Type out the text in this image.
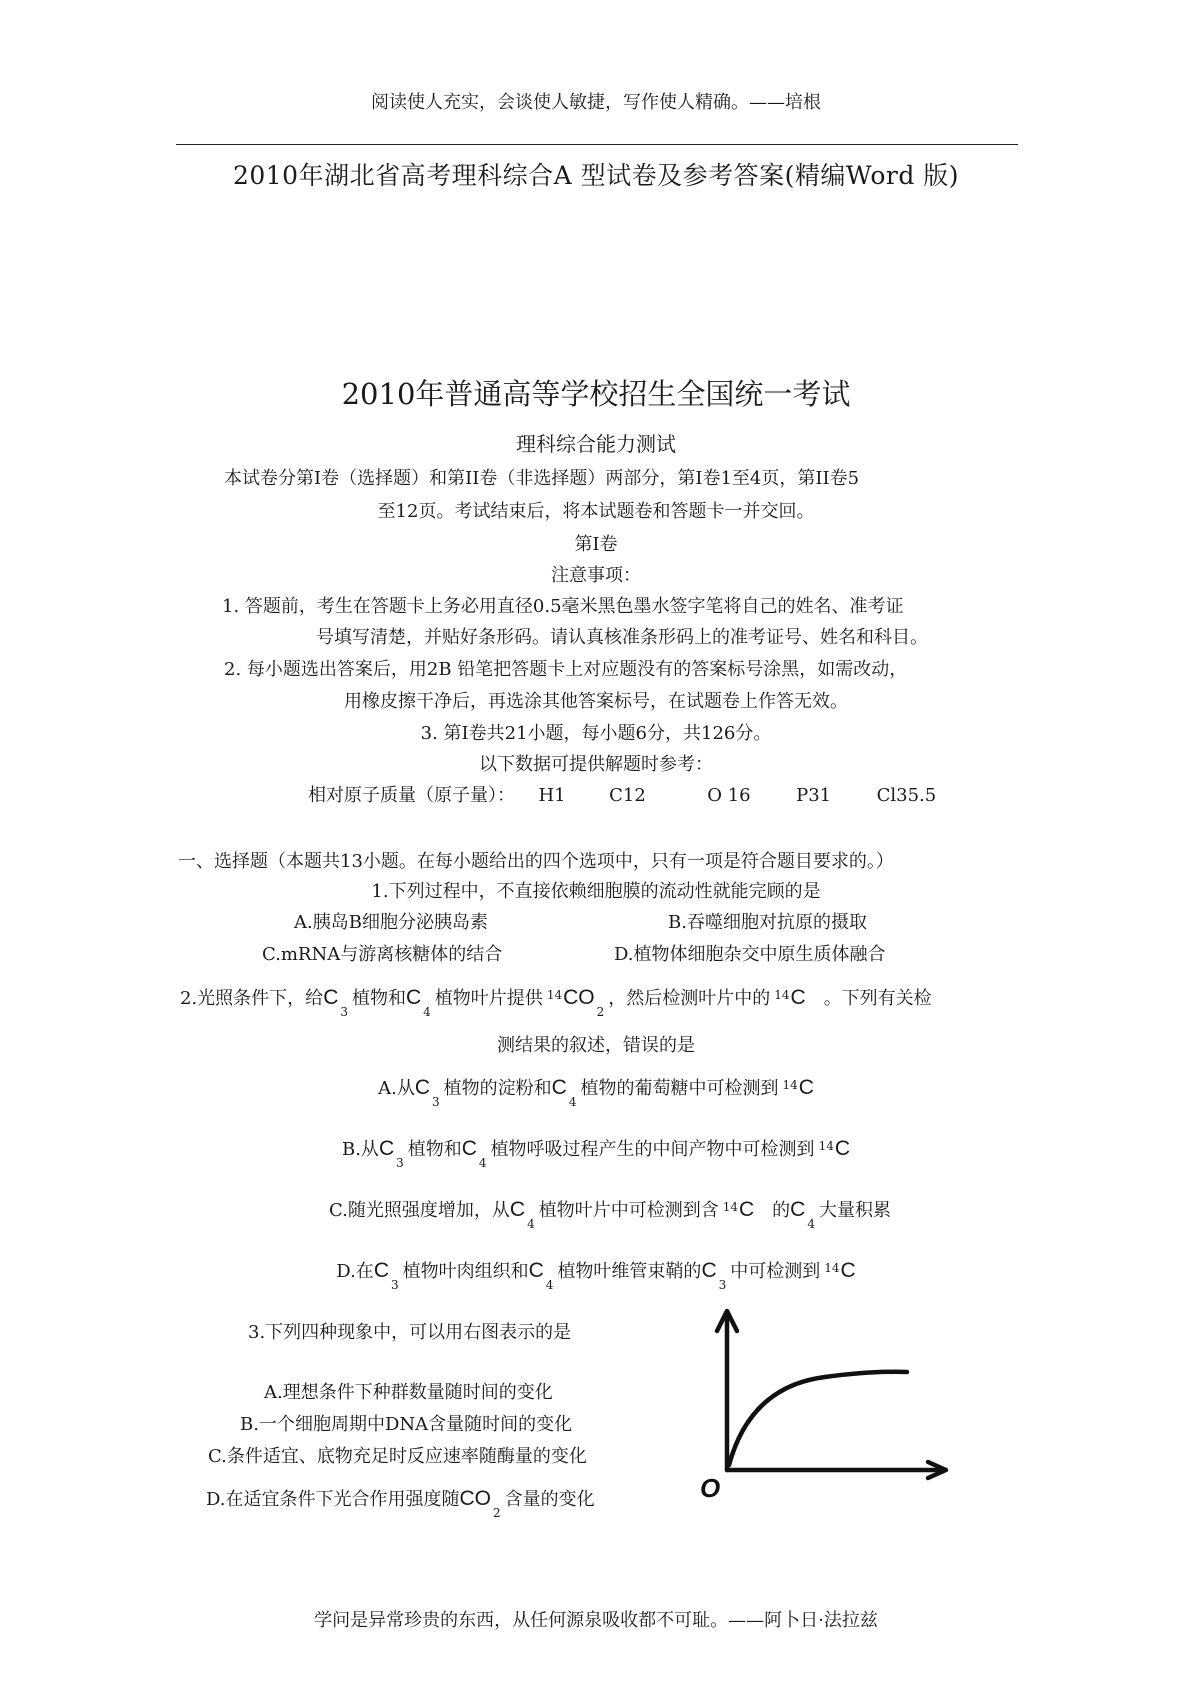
阅读使人充实，会谈使人敏捷，写作使人精确。——培根
2010年湖北省高考理科综合A 型试卷及参考答案(精编Word 版)
2010年普通高等学校招生全国统一考试
理科综合能力测试
本试卷分第I卷（选择题）和第II卷（非选择题）两部分，第I卷1至4页，第II卷5
至12页。考试结束后，将本试题卷和答题卡一并交回。
第I卷
注意事项：
1. 答题前，考生在答题卡上务必用直径0.5毫米黑色墨水签字笔将自己的姓名、准考证
号填写清楚，并贴好条形码。请认真核准条形码上的准考证号、姓名和科目。
2. 每小题选出答案后，用2B 铅笔把答题卡上对应题没有的答案标号涂黑，如需改动，
用橡皮擦干净后，再选涂其他答案标号，在试题卷上作答无效。
3. 第I卷共21小题，每小题6分，共126分。
以下数据可提供解题时参考：
相对原子质量（原子量）： H1 C12	O 16	P31	Cl35.5
一、选择题（本题共13小题。在每小题给出的四个选项中，只有一项是符合题目要求的。）
1.下列过程中，不直接依赖细胞膜的流动性就能完顾的是
A.胰岛B细胞分泌胰岛素	B.吞噬细胞对抗原的摄取
C.mRNA与游离核糖体的结合	D.植物体细胞杂交中原生质体融合
2.光照条件下，给$C_3$植物和$C_4$植物叶片提供 $^{14}CO_2$，然后检测叶片中的 $^{14}$C 。下列有关检
测结果的叙述，错误的是
A.从$C_3$植物的淀粉和$C_4$植物的葡萄糖中可检测到 $^{14}$C
B.从$C_3$植物和$C_4$植物呼吸过程产生的中间产物中可检测到 $^{14}$C
C.随光照强度增加，从$C_4$植物叶片中可检测到含 $^{14}$C 的$C_4$大量积累
D.在$C_3$植物叶肉组织和$C_4$植物叶维管束鞘的$C_3$中可检测到 $^{14}$C
3.下列四种现象中，可以用右图表示的是
A.理想条件下种群数量随时间的变化
B.一个细胞周期中DNA含量随时间的变化
C.条件适宜、底物充足时反应速率随酶量的变化
D.在适宜条件下光合作用强度随$CO_2$含量的变化	O
学问是异常珍贵的东西，从任何源泉吸收都不可耻。——阿卜日·法拉兹
